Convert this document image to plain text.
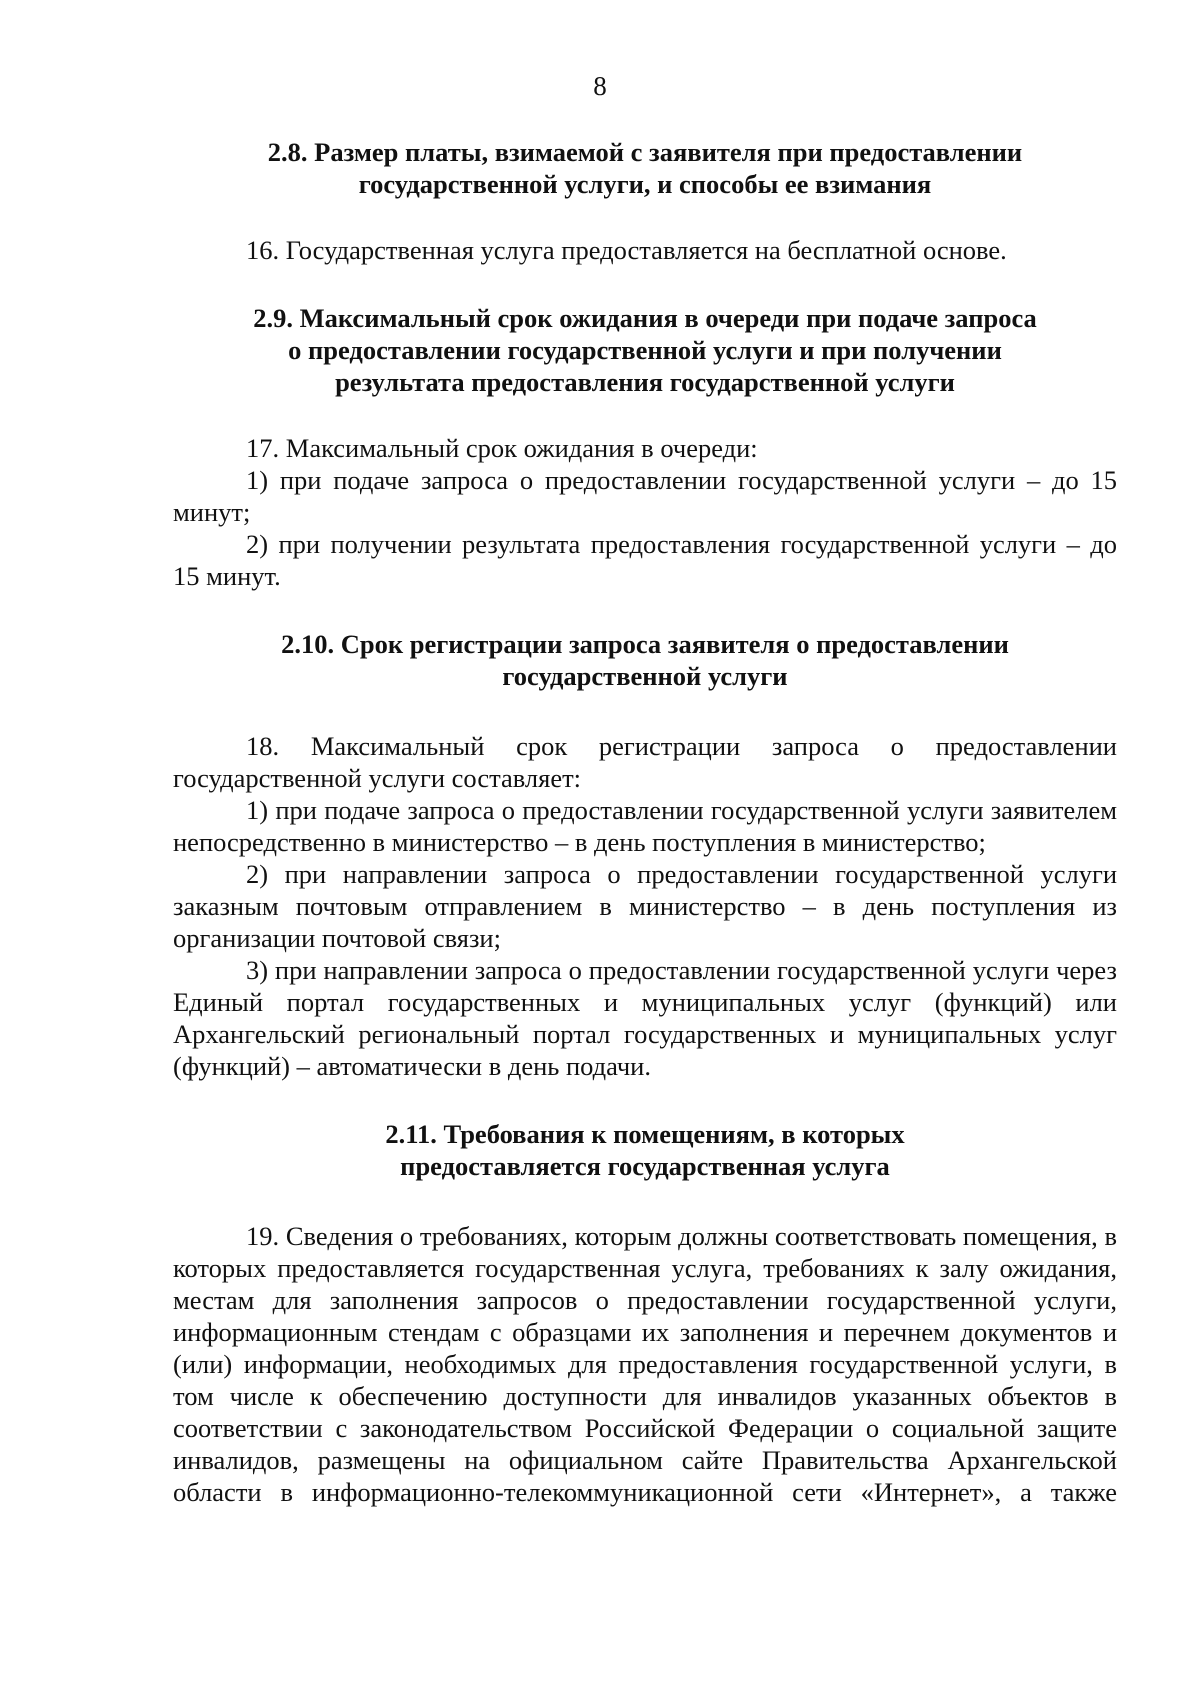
8
2.8. Размер платы, взимаемой с заявителя при предоставлении
государственной услуги, и способы ее взимания

16. Государственная услуга предоставляется на бесплатной основе.

2.9. Максимальный срок ожидания в очереди при подаче запроса
о предоставлении государственной услуги и при получении
результата предоставления государственной услуги

17. Максимальный срок ожидания в очереди:

1) при подаче запроса о предоставлении государственной услуги – до 15 минут;

2) при получении результата предоставления государственной услуги – до 15 минут.

2.10. Срок регистрации запроса заявителя о предоставлении
государственной услуги

18. Максимальный срок регистрации запроса о предоставлении государственной услуги составляет:

1) при подаче запроса о предоставлении государственной услуги заявителем непосредственно в министерство – в день поступления в министерство;

2) при направлении запроса о предоставлении государственной услуги заказным почтовым отправлением в министерство – в день поступления из организации почтовой связи;

3) при направлении запроса о предоставлении государственной услуги через Единый портал государственных и муниципальных услуг (функций) или Архангельский региональный портал государственных и муниципальных услуг (функций) – автоматически в день подачи.

2.11. Требования к помещениям, в которых
предоставляется государственная услуга

19. Сведения о требованиях, которым должны соответствовать помещения, в которых предоставляется государственная услуга, требованиях к залу ожидания, местам для заполнения запросов о предоставлении государственной услуги, информационным стендам с образцами их заполнения и перечнем документов и (или) информации, необходимых для предоставления государственной услуги, в том числе к обеспечению доступности для инвалидов указанных объектов в соответствии с законодательством Российской Федерации о социальной защите инвалидов, размещены на официальном сайте Правительства Архангельской области в информационно-телекоммуникационной сети «Интернет», а также
